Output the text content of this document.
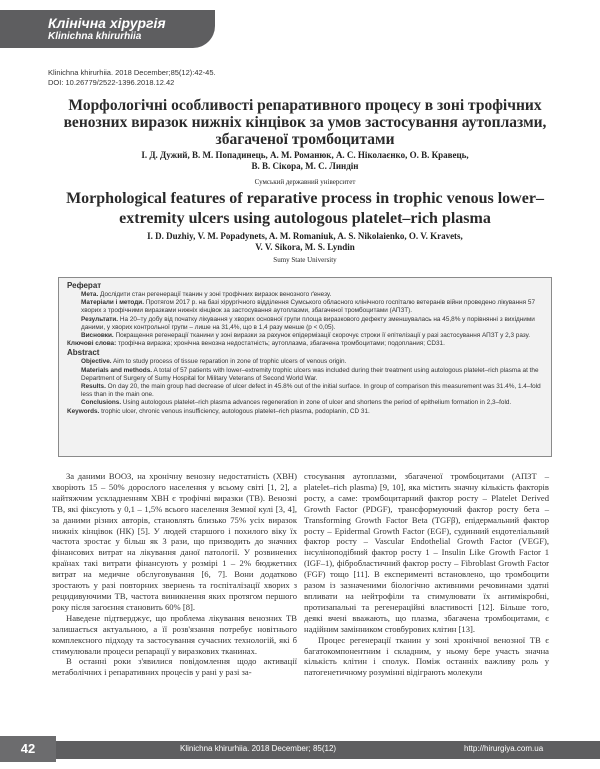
Клінічна хірургія
Klinichna khirurhiia
Klinichna khirurhiia. 2018 December;85(12):42-45.
DOI: 10.26779/2522-1396.2018.12.42
Морфологічні особливості репаративного процесу в зоні трофічних венозних виразок нижніх кінцівок за умов застосування аутоплазми, збагаченої тромбоцитами
І. Д. Дужий, В. М. Попадинець, А. М. Романюк, А. С. Ніколаєнко, О. В. Кравець,
В. В. Сікора, М. С. Линдін
Сумський державний університет
Morphological features of reparative process in trophic venous lower–extremity ulcers using autologous platelet–rich plasma
I. D. Duzhiy, V. M. Popadynets, A. M. Romaniuk, A. S. Nikolaienko, O. V. Kravets,
V. V. Sikora, M. S. Lyndin
Sumy State University
Реферат

Мета. Дослідити стан регенерації тканин у зоні трофічних виразок венозного ґенезу.

Матеріали і методи. Протягом 2017 р. на базі хірургічного відділення Сумського обласного клінічного госпіталю ветеранів війни проведено лікування 57 хворих з трофічними виразками нижніх кінцівок за застосування аутоплазми, збагаченої тромбоцитами (АПЗТ).

Результати. На 20–ту добу від початку лікування у хворих основної групи площа виразкового дефекту зменшувалась на 45,8% у порівнянні з вихідними даними, у хворих контрольної групи – лише на 31,4%, що в 1,4 разу менше (p < 0,05).

Висновки. Покращення регенерації тканини у зоні виразки за рахунок епідермізації скорочує строки її епітелізації у разі застосування АПЗТ у 2,3 разу.

Ключові слова: трофічна виразка; хронічна венозна недостатність; аутоплазма, збагачена тромбоцитами; подоплания; CD31.

Abstract

Objective. Aim to study process of tissue reparation in zone of trophic ulcers of venous origin.

Materials and methods. A total of 57 patients with lower–extremity trophic ulcers was included during their treatment using autologous platelet–rich plasma at the Department of Surgery of Sumy Hospital for Military Veterans of Second World War.

Results. On day 20, the main group had decrease of ulcer defect in 45.8% out of the initial surface. In group of comparison this measurement was 31.4%, 1.4–fold less than in the main one.

Conclusions. Using autologous platelet–rich plasma advances regeneration in zone of ulcer and shortens the period of epithelium formation in 2,3–fold.

Keywords. trophic ulcer, chronic venous insufficiency, autologous platelet–rich plasma, podoplanin, CD 31.

За даними ВООЗ, на хронічну венозну недостатність (ХВН) хворіють 15 – 50% дорослого населення у всьому світі [1, 2], а найтяжчим ускладненням ХВН є трофічні виразки (ТВ). Венозні ТВ, які фіксують у 0,1 – 1,5% всього населення Земної кулі [3, 4], за даними різних авторів, становлять близько 75% усіх виразок нижніх кінцівок (НК) [5]. У людей старшого і похилого віку їх частота зростає у більш як 3 рази, що призводить до значних фінансових витрат на лікування даної патології. У розвинених країнах такі витрати фінансують у розмірі 1 – 2% бюджетних витрат на медичне обслуговування [6, 7]. Вони додатково зростають у разі повторних звернень та госпіталізації хворих з рецидивуючими ТВ, частота виникнення яких протягом першого року після загоєння становить 60% [8].

Наведене підтверджує, що проблема лікування венозних ТВ залишається актуальною, а її розв'язання потребує новітнього комплексного підходу та застосування сучасних технологій, які б стимулювали процеси репарації у виразкових тканинах.

В останні роки з'явилися повідомлення щодо активації метаболічних і репаративних процесів у рані у разі за-

стосування аутоплазми, збагаченої тромбоцитами (АПЗТ – platelet–rich plasma) [9, 10], яка містить значну кількість факторів росту, а саме: тромбоцитарний фактор росту – Platelet Derived Growth Factor (PDGF), трансформуючий фактор росту бета – Transforming Growth Factor Beta (TGFβ), епідермальний фактор росту – Epidermal Growth Factor (EGF), судинний ендотеліальний фактор росту – Vascular Endothelial Growth Factor (VEGF), інсуліноподібний фактор росту 1 – Insulin Like Growth Factor 1 (IGF–1), фібробластичний фактор росту – Fibroblast Growth Factor (FGF) тощо [11]. В експерименті встановлено, що тромбоцити разом із зазначеними біологічно активними речовинами здатні впливати на нейтрофіли та стимулювати їх антимікробні, протизапальні та регенераційні властивості [12]. Більше того, деякі вчені вважають, що плазма, збагачена тромбоцитами, є надійним замінником стовбурових клітин [13].

Процес регенерації тканин у зоні хронічної венозної ТВ є багатокомпонентним і складним, у ньому бере участь значна кількість клітин і сполук. Поміж останніх важливу роль у патогенетичному розумінні відіграють молекули

42	Klinichna khirurhiia. 2018 December; 85(12)	http://hirurgiya.com.ua
